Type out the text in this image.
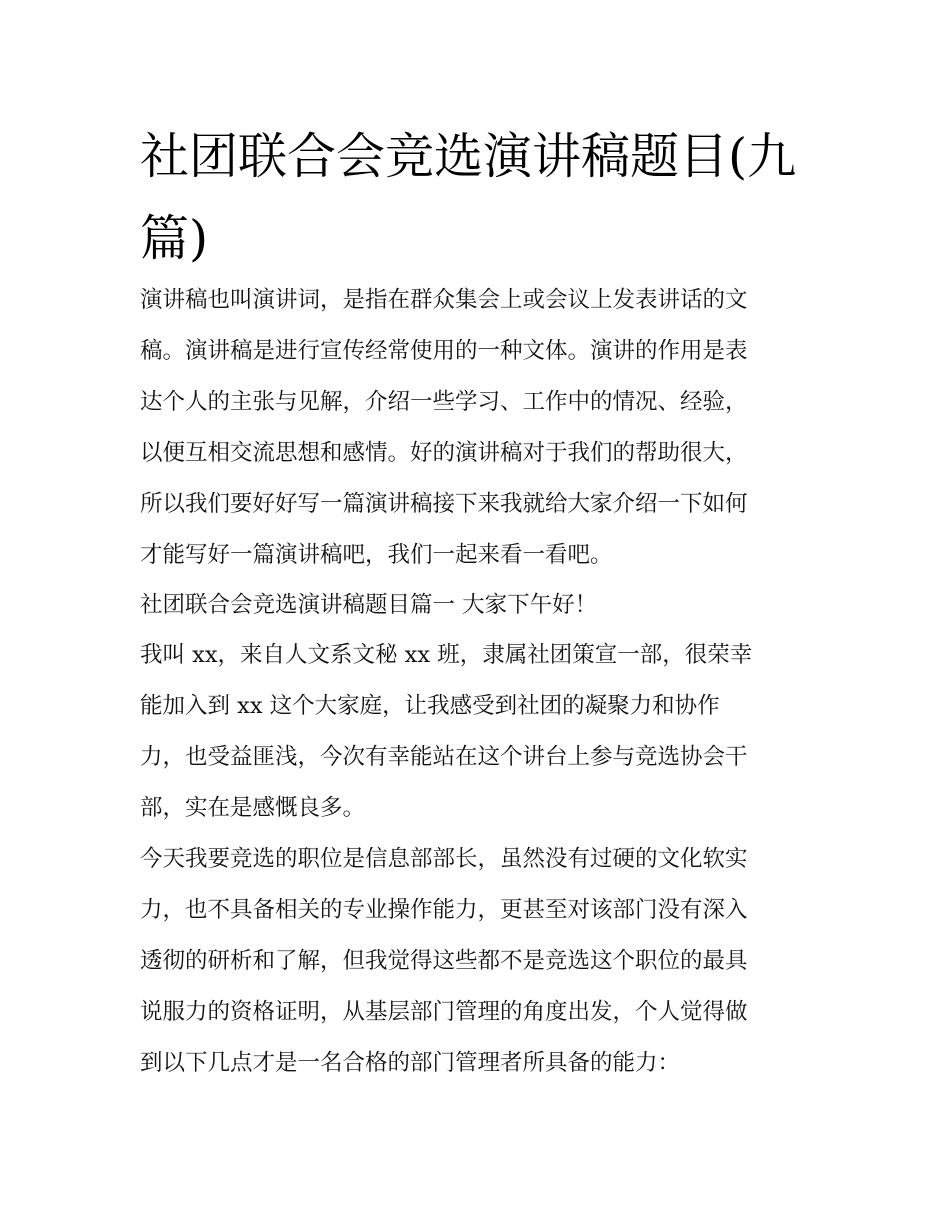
社团联合会竞选演讲稿题目(九篇)

演讲稿也叫演讲词，是指在群众集会上或会议上发表讲话的文

稿。演讲稿是进行宣传经常使用的一种文体。演讲的作用是表

达个人的主张与见解，介绍一些学习、工作中的情况、经验，

以便互相交流思想和感情。好的演讲稿对于我们的帮助很大，

所以我们要好好写一篇演讲稿接下来我就给大家介绍一下如何

才能写好一篇演讲稿吧，我们一起来看一看吧。

社团联合会竞选演讲稿题目篇一 大家下午好！

我叫 xx，来自人文系文秘 xx 班，隶属社团策宣一部，很荣幸

能加入到 xx 这个大家庭，让我感受到社团的凝聚力和协作

力，也受益匪浅，今次有幸能站在这个讲台上参与竞选协会干

部，实在是感慨良多。

今天我要竞选的职位是信息部部长，虽然没有过硬的文化软实

力，也不具备相关的专业操作能力，更甚至对该部门没有深入

透彻的研析和了解，但我觉得这些都不是竞选这个职位的最具

说服力的资格证明，从基层部门管理的角度出发，个人觉得做

到以下几点才是一名合格的部门管理者所具备的能力：
